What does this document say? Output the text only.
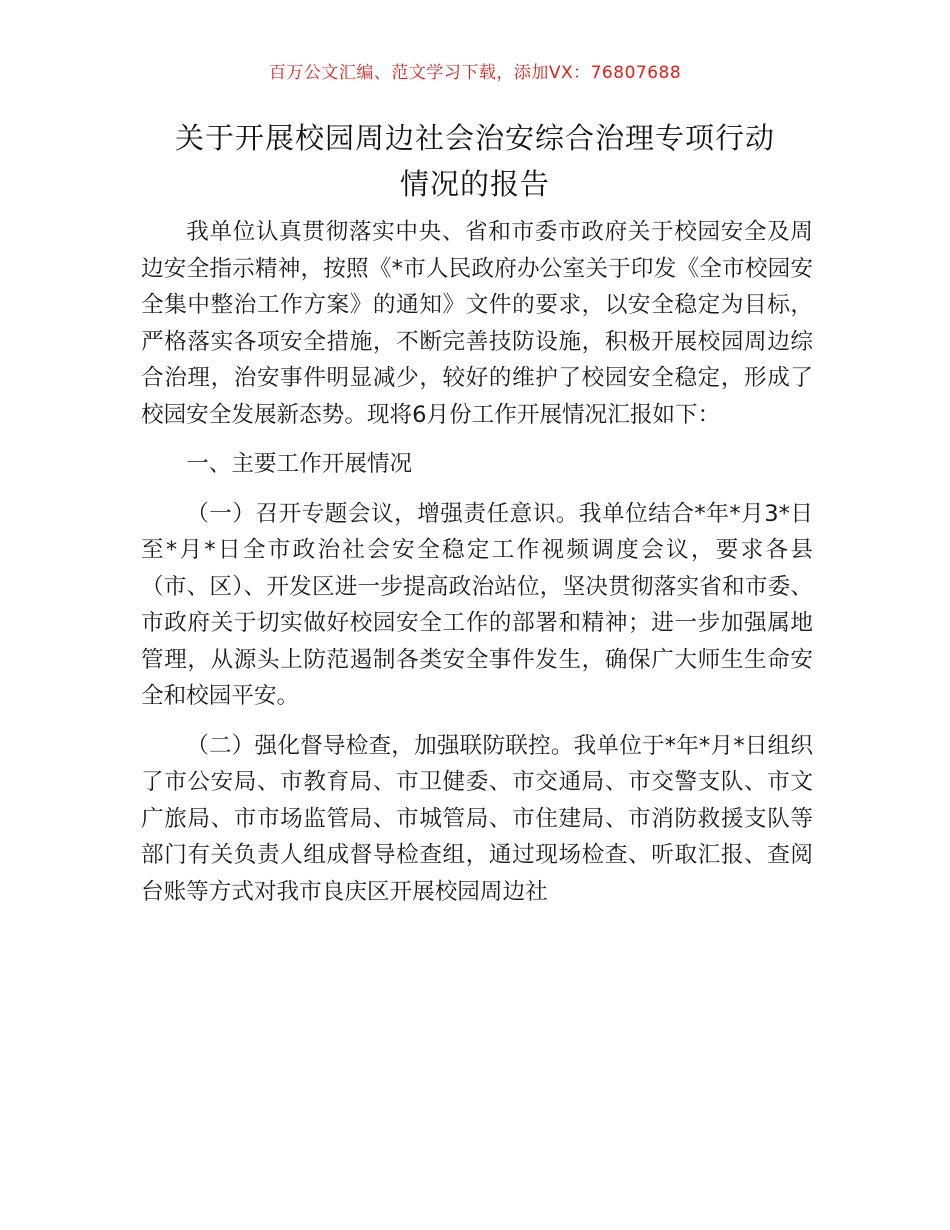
百万公文汇编、范文学习下载，添加VX：76807688
关于开展校园周边社会治安综合治理专项行动
情况的报告

我单位认真贯彻落实中央、省和市委市政府关于校园安全及周边安全指示精神，按照《*市人民政府办公室关于印发《全市校园安全集中整治工作方案》的通知》文件的要求，以安全稳定为目标，严格落实各项安全措施，不断完善技防设施，积极开展校园周边综合治理，治安事件明显减少，较好的维护了校园安全稳定，形成了校园安全发展新态势。现将6月份工作开展情况汇报如下：

一、主要工作开展情况

（一）召开专题会议，增强责任意识。我单位结合*年*月3*日至*月*日全市政治社会安全稳定工作视频调度会议，要求各县（市、区）、开发区进一步提高政治站位，坚决贯彻落实省和市委、市政府关于切实做好校园安全工作的部署和精神；进一步加强属地管理，从源头上防范遏制各类安全事件发生，确保广大师生生命安全和校园平安。

（二）强化督导检查，加强联防联控。我单位于*年*月*日组织了市公安局、市教育局、市卫健委、市交通局、市交警支队、市文广旅局、市市场监管局、市城管局、市住建局、市消防救援支队等部门有关负责人组成督导检查组，通过现场检查、听取汇报、查阅台账等方式对我市良庆区开展校园周边社
